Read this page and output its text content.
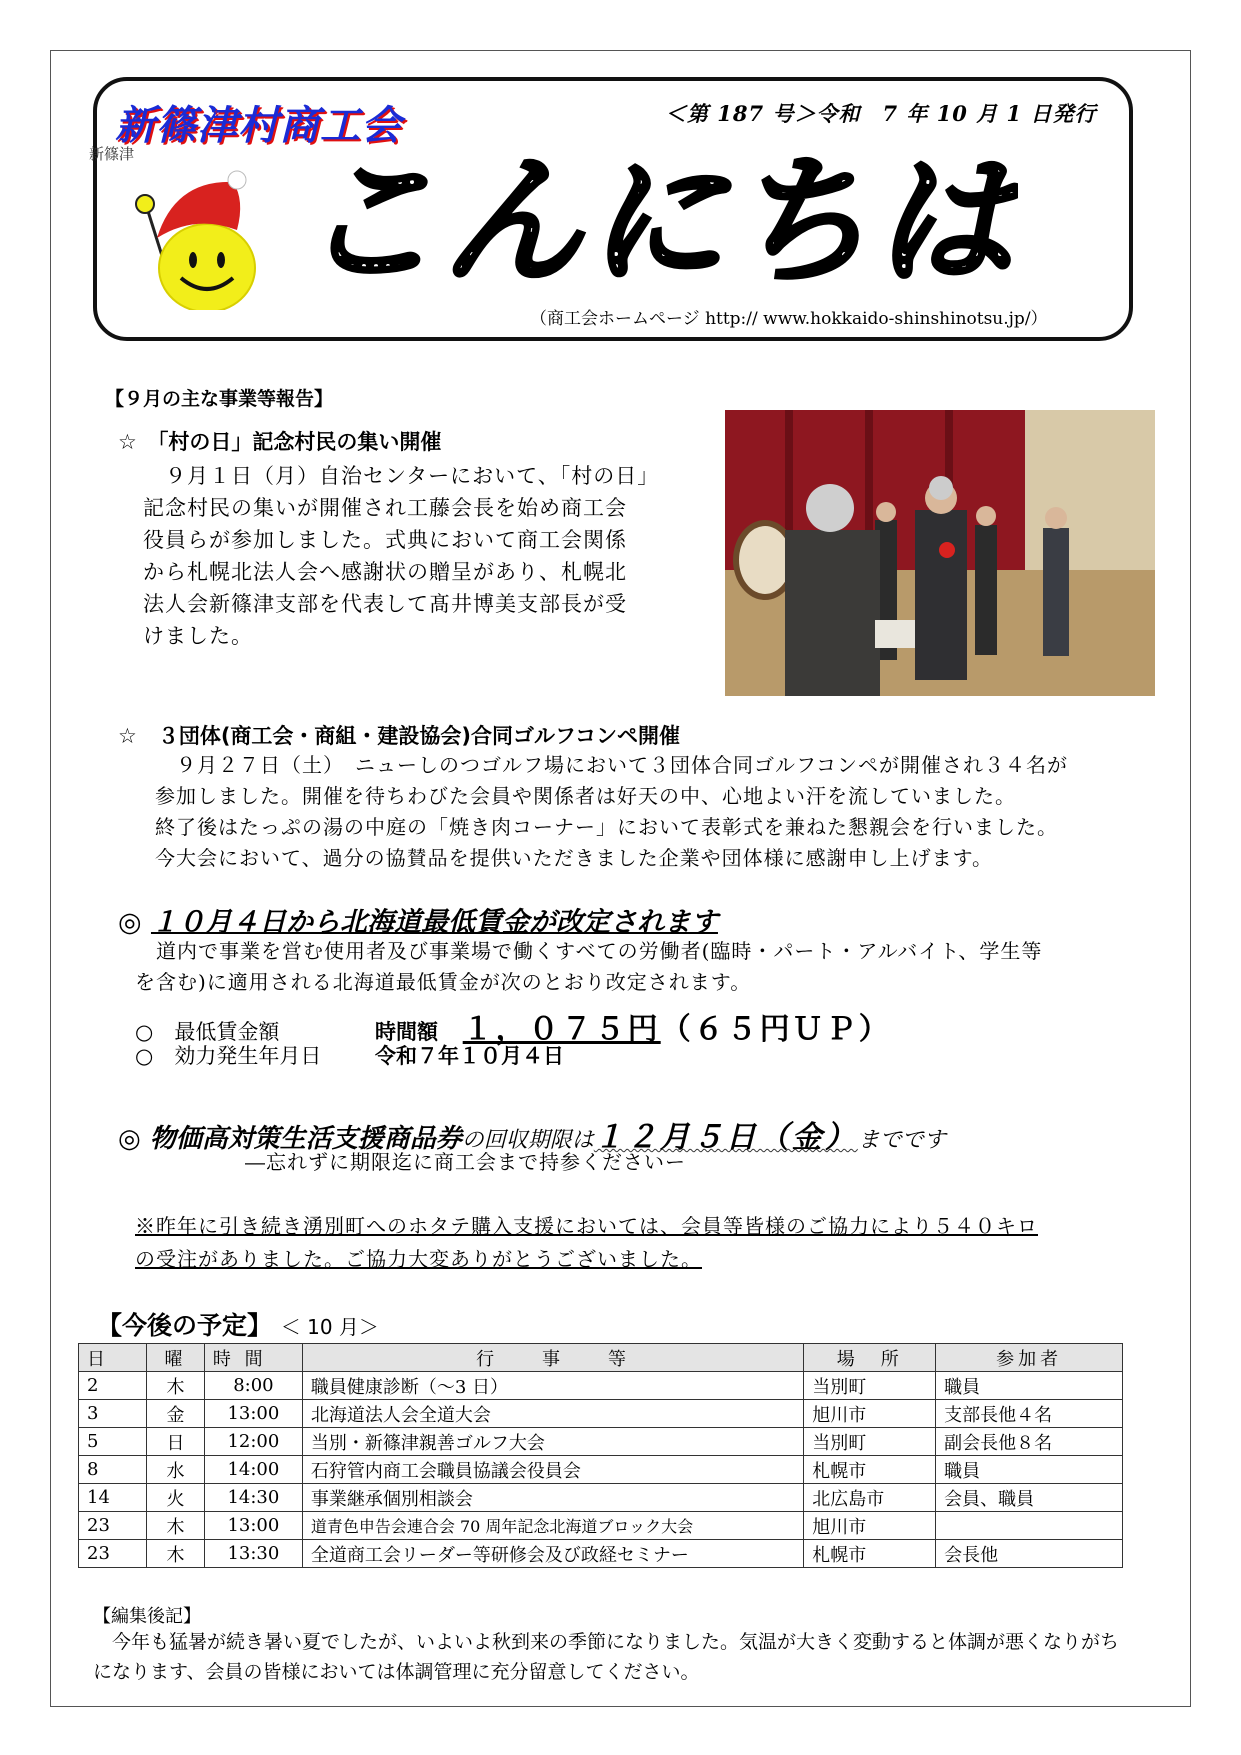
新篠津村商工会
新篠津
＜第 187 号＞令和　7 年 10 月 1 日発行
こんにちは
（商工会ホームページ http:// www.hokkaido-shinshinotsu.jp/）
【９月の主な事業等報告】
☆　「村の日」記念村民の集い開催
　９月１日（月）自治センターにおいて、「村の日」
記念村民の集いが開催され工藤会長を始め商工会
役員らが参加しました。式典において商工会関係
から札幌北法人会へ感謝状の贈呈があり、札幌北
法人会新篠津支部を代表して髙井博美支部長が受
けました。
☆　３団体(商工会・商組・建設協会)合同ゴルフコンペ開催
　９月２７日（土）　ニューしのつゴルフ場において３団体合同ゴルフコンペが開催され３４名が
参加しました。開催を待ちわびた会員や関係者は好天の中、心地よい汗を流していました。
終了後はたっぷの湯の中庭の「焼き肉コーナー」において表彰式を兼ねた懇親会を行いました。
今大会において、過分の協賛品を提供いただきました企業や団体様に感謝申し上げます。
◎ １０月４日から北海道最低賃金が改定されます
　道内で事業を営む使用者及び事業場で働くすべての労働者(臨時・パート・アルバイト、学生等
を含む)に適用される北海道最低賃金が次のとおり改定されます。
○　最低賃金額	時間額 １，０７５円（６５円ＵＰ）
○　効力発生年月日	令和７年１０月４日
◎ 物価高対策生活支援商品券の回収期限は１２月５日（金）までです
―忘れずに期限迄に商工会まで持参くださいー
※昨年に引き続き湧別町へのホタテ購入支援においては、会員等皆様のご協力により５４０キロ
の受注がありました。ご協力大変ありがとうございました。
【今後の予定】 ＜ 10 月＞
日	曜	時 間	行　　事　　等	場　所	参加者
2	木	8:00	職員健康診断（～3 日）	当別町	職員
3	金	13:00	北海道法人会全道大会	旭川市	支部長他４名
5	日	12:00	当別・新篠津親善ゴルフ大会	当別町	副会長他８名
8	水	14:00	石狩管内商工会職員協議会役員会	札幌市	職員
14	火	14:30	事業継承個別相談会	北広島市	会員、職員
23	木	13:00	道青色申告会連合会 70 周年記念北海道ブロック大会	旭川市	
23	木	13:30	全道商工会リーダー等研修会及び政経セミナー	札幌市	会長他
【編集後記】
　今年も猛暑が続き暑い夏でしたが、いよいよ秋到来の季節になりました。気温が大きく変動すると体調が悪くなりがちになります、会員の皆様においては体調管理に充分留意してください。
